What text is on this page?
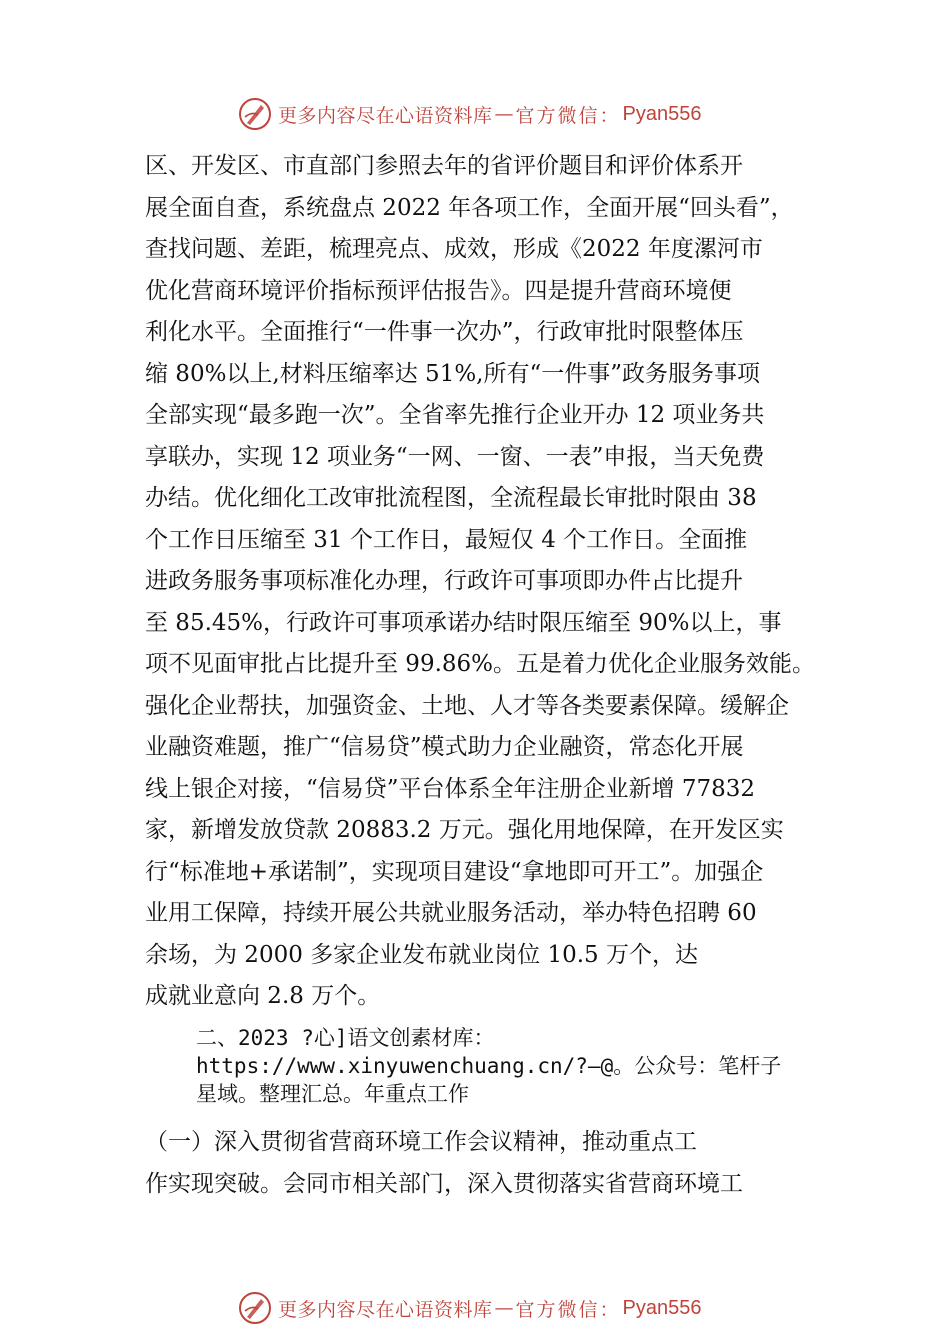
更多内容尽在心语资料库 — 官方微信： Pyan556
区、开发区、市直部门参照去年的省评价题目和评价体系开
展全面自查，系统盘点 2022 年各项工作，全面开展“回头看”，
查找问题、差距，梳理亮点、成效，形成《2022 年度漯河市
优化营商环境评价指标预评估报告》。四是提升营商环境便
利化水平。全面推行“一件事一次办”，行政审批时限整体压
缩 80%以上,材料压缩率达 51%,所有“一件事”政务服务事项
全部实现“最多跑一次”。全省率先推行企业开办 12 项业务共
享联办，实现 12 项业务“一网、一窗、一表”申报，当天免费
办结。优化细化工改审批流程图，全流程最长审批时限由 38
个工作日压缩至 31 个工作日，最短仅 4 个工作日。全面推
进政务服务事项标准化办理，行政许可事项即办件占比提升
至 85.45%，行政许可事项承诺办结时限压缩至 90%以上，事
项不见面审批占比提升至 99.86%。五是着力优化企业服务效能。
强化企业帮扶，加强资金、土地、人才等各类要素保障。缓解企
业融资难题，推广“信易贷”模式助力企业融资，常态化开展
线上银企对接，“信易贷”平台体系全年注册企业新增 77832
家，新增发放贷款 20883.2 万元。强化用地保障，在开发区实
行“标准地+承诺制”，实现项目建设“拿地即可开工”。加强企
业用工保障，持续开展公共就业服务活动，举办特色招聘 60
余场，为 2000 多家企业发布就业岗位 10.5 万个，达
成就业意向 2.8 万个。
二、2023 ?心]语文创素材库：
https://www.xinyuwenchuang.cn/?—@。公众号：笔杆子
星域。整理汇总。年重点工作
（一）深入贯彻省营商环境工作会议精神，推动重点工
作实现突破。会同市相关部门，深入贯彻落实省营商环境工
更多内容尽在心语资料库 — 官方微信： Pyan556
